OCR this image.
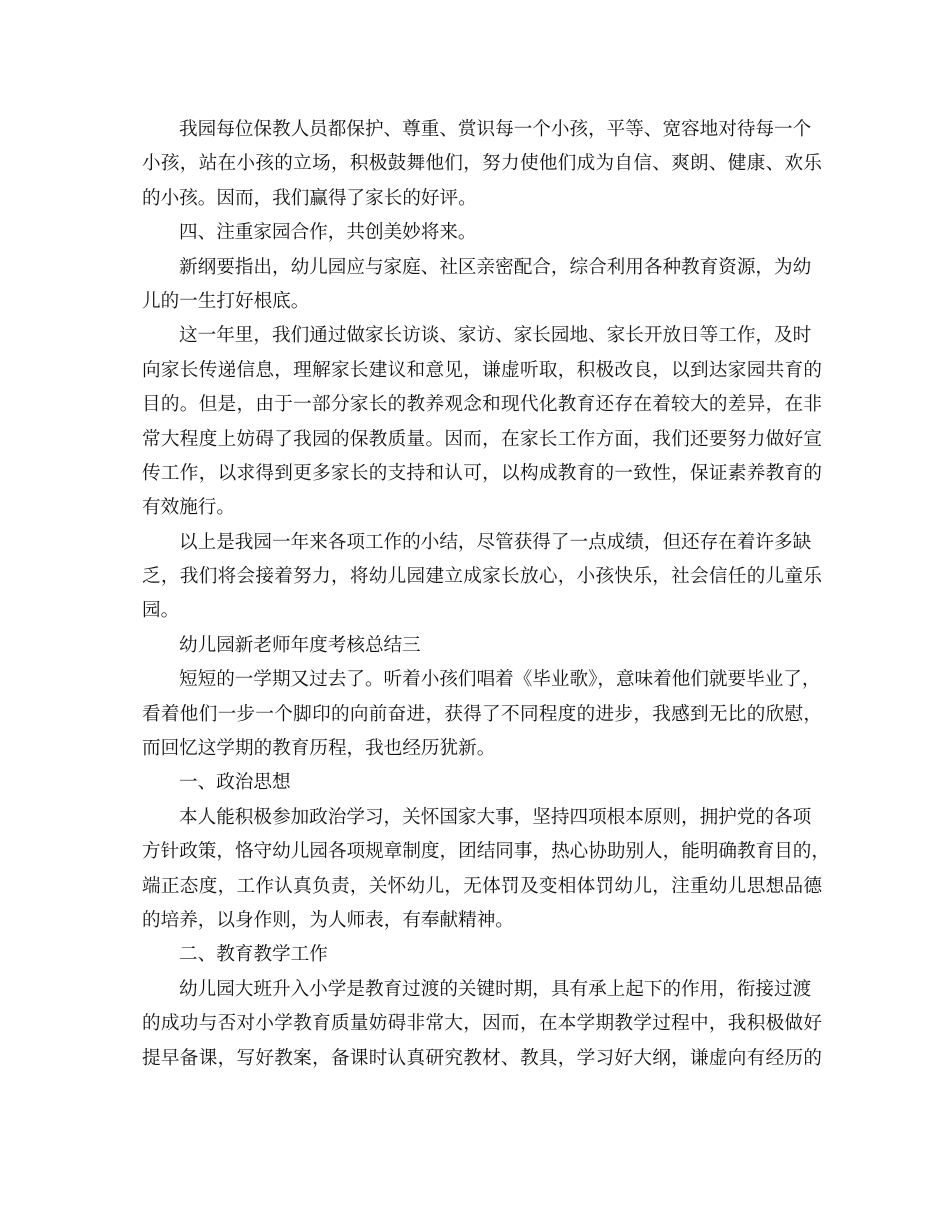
我园每位保教人员都保护、尊重、赏识每一个小孩，平等、宽容地对待每一个
小孩，站在小孩的立场，积极鼓舞他们，努力使他们成为自信、爽朗、健康、欢乐
的小孩。因而，我们赢得了家长的好评。
四、注重家园合作，共创美妙将来。
新纲要指出，幼儿园应与家庭、社区亲密配合，综合利用各种教育资源，为幼
儿的一生打好根底。
这一年里，我们通过做家长访谈、家访、家长园地、家长开放日等工作，及时
向家长传递信息，理解家长建议和意见，谦虚听取，积极改良，以到达家园共育的
目的。但是，由于一部分家长的教养观念和现代化教育还存在着较大的差异，在非
常大程度上妨碍了我园的保教质量。因而，在家长工作方面，我们还要努力做好宣
传工作，以求得到更多家长的支持和认可，以构成教育的一致性，保证素养教育的
有效施行。
以上是我园一年来各项工作的小结，尽管获得了一点成绩，但还存在着许多缺
乏，我们将会接着努力，将幼儿园建立成家长放心，小孩快乐，社会信任的儿童乐
园。
幼儿园新老师年度考核总结三
短短的一学期又过去了。听着小孩们唱着《毕业歌》，意味着他们就要毕业了，
看着他们一步一个脚印的向前奋进，获得了不同程度的进步，我感到无比的欣慰，
而回忆这学期的教育历程，我也经历犹新。
一、政治思想
本人能积极参加政治学习，关怀国家大事，坚持四项根本原则，拥护党的各项
方针政策，恪守幼儿园各项规章制度，团结同事，热心协助别人，能明确教育目的，
端正态度，工作认真负责，关怀幼儿，无体罚及变相体罚幼儿，注重幼儿思想品德
的培养，以身作则，为人师表，有奉献精神。
二、教育教学工作
幼儿园大班升入小学是教育过渡的关键时期，具有承上起下的作用，衔接过渡
的成功与否对小学教育质量妨碍非常大，因而，在本学期教学过程中，我积极做好
提早备课，写好教案，备课时认真研究教材、教具，学习好大纲，谦虚向有经历的
